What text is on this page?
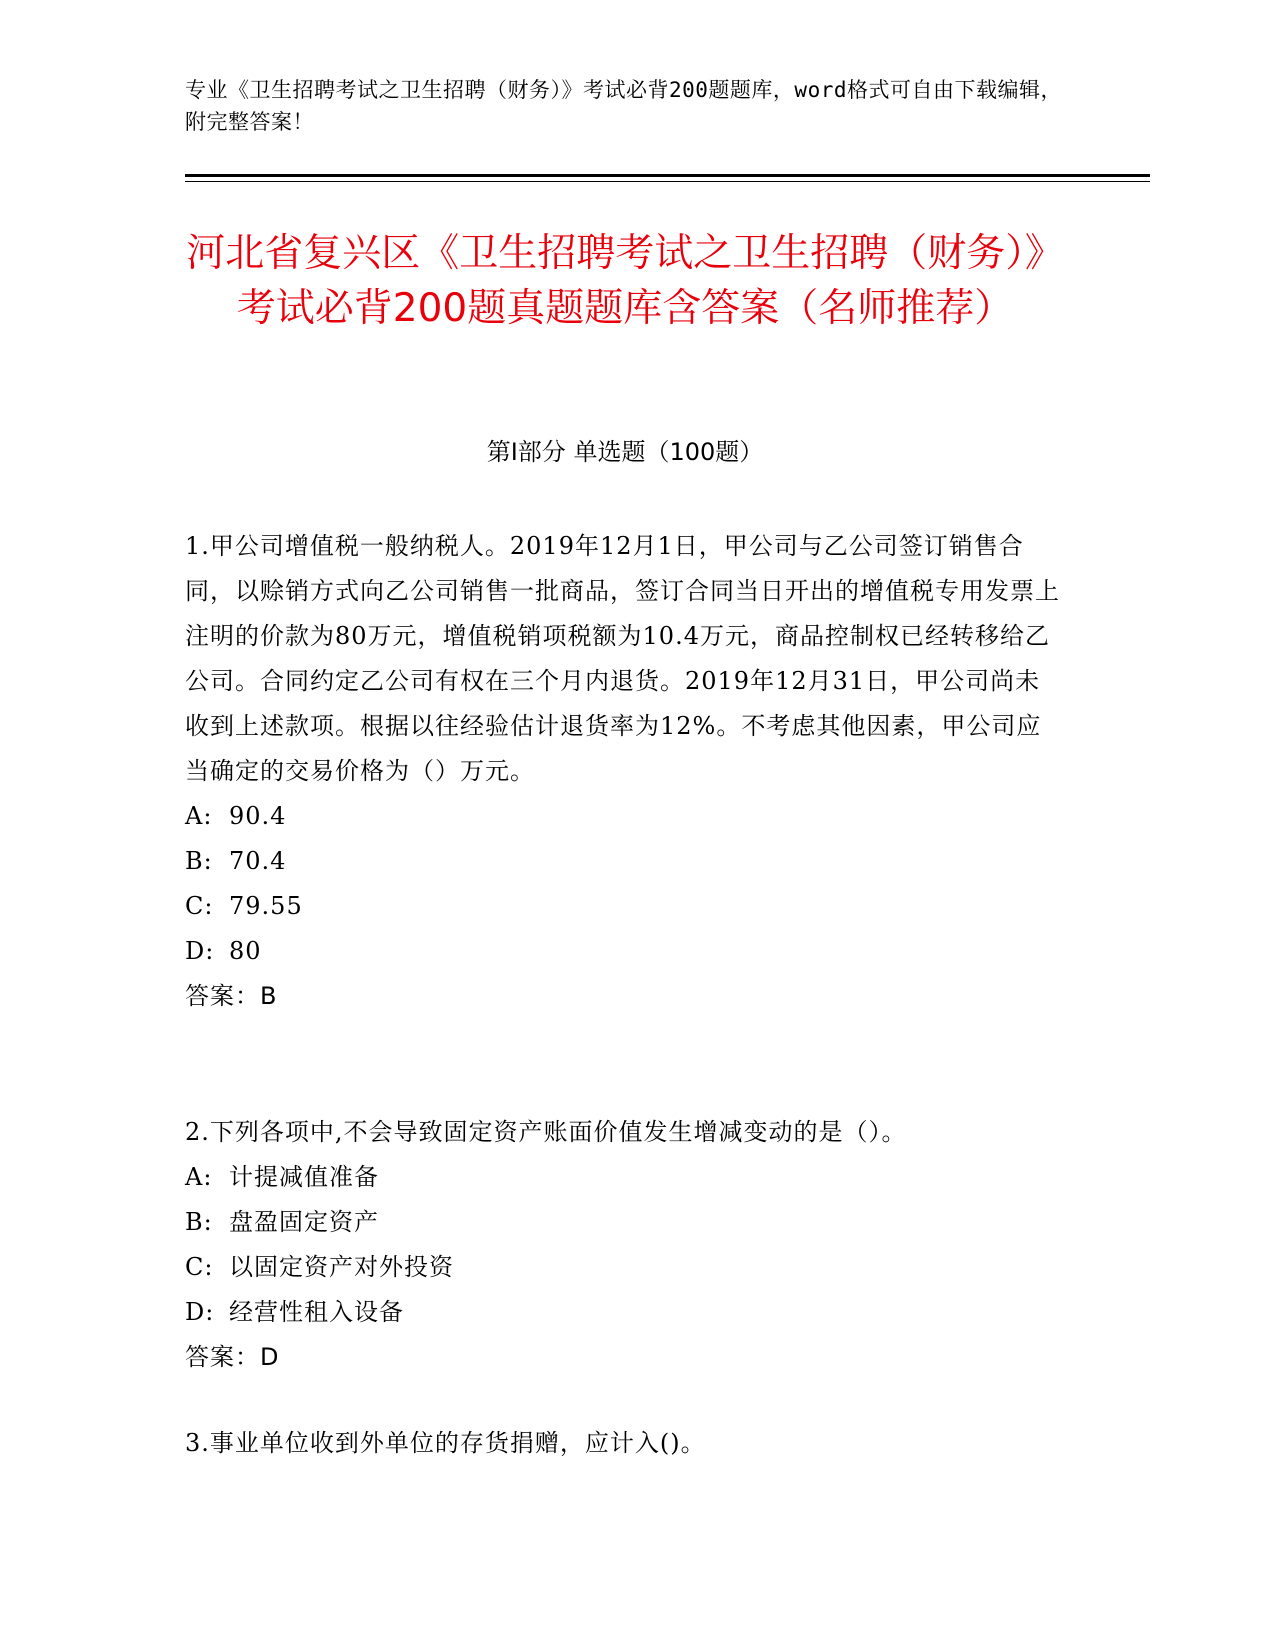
专业《卫生招聘考试之卫生招聘（财务）》考试必背200题题库，word格式可自由下载编辑，附完整答案！
河北省复兴区《卫生招聘考试之卫生招聘（财务）》考试必背200题真题题库含答案（名师推荐）
第Ⅰ部分 单选题（100题）
1.甲公司增值税一般纳税人。2019年12月1日，甲公司与乙公司签订销售合同，以赊销方式向乙公司销售一批商品，签订合同当日开出的增值税专用发票上注明的价款为80万元，增值税销项税额为10.4万元，商品控制权已经转移给乙公司。合同约定乙公司有权在三个月内退货。2019年12月31日，甲公司尚未收到上述款项。根据以往经验估计退货率为12%。不考虑其他因素，甲公司应当确定的交易价格为（）万元。
A: 90.4
B: 70.4
C: 79.55
D: 80
答案：B
2.下列各项中,不会导致固定资产账面价值发生增减变动的是（）。
A: 计提减值准备
B: 盘盈固定资产
C: 以固定资产对外投资
D: 经营性租入设备
答案：D
3.事业单位收到外单位的存货捐赠，应计入()。
